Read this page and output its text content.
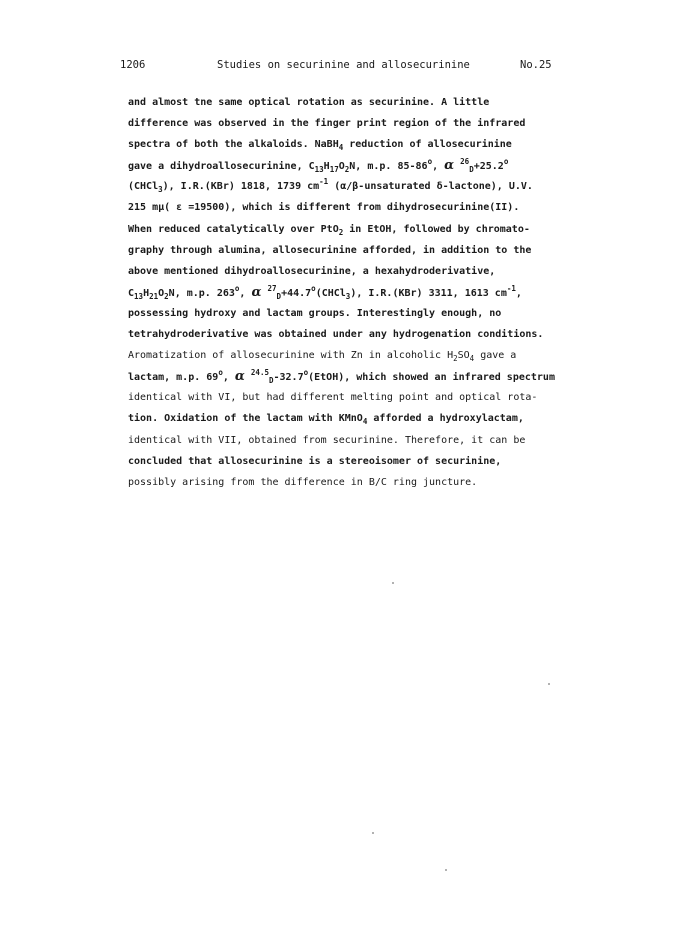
1206	Studies on securinine and allosecurinine	No.25
and almost tne same optical rotation as securinine. A little
difference was observed in the finger print region of the infrared
spectra of both the alkaloids. NaBH$_4$ reduction of allosecurinine
gave a dihydroallosecurinine, $C_{13}H_{17}O_2N$, m.p. 85-86$^o$, α $^{26}_D+25.2^o$
(CHCl$_3$), I.R.(KBr) 1818, 1739 $cm^{-1}$ (α/β-unsaturated δ-lactone), U.V.
215 mμ( ε =19500), which is different from dihydrosecurinine(II).
When reduced catalytically over PtO$_2$ in EtOH, followed by chromato-
graphy through alumina, allosecurinine afforded, in addition to the
above mentioned dihydroallosecurinine, a hexahydroderivative,
$C_{13}H_{21}O_2N$, m.p. 263$^o$, α $^{27}_D+44.7^o(CHCl_3)$, I.R.(KBr) 3311, 1613 $cm^{-1}$,
possessing hydroxy and lactam groups. Interestingly enough, no
tetrahydroderivative was obtained under any hydrogenation conditions.
Aromatization of allosecurinine with Zn in alcoholic $H_2SO_4$ gave a
lactam, m.p. 69$^o$, α $^{24.5}_D-32.7^o(EtOH)$, which showed an infrared spectrum
identical with VI, but had different melting point and optical rota-
tion. Oxidation of the lactam with KMnO$_4$ afforded a hydroxylactam,
identical with VII, obtained from securinine. Therefore, it can be
concluded that allosecurinine is a stereoisomer of securinine,
possibly arising from the difference in B/C ring juncture.
